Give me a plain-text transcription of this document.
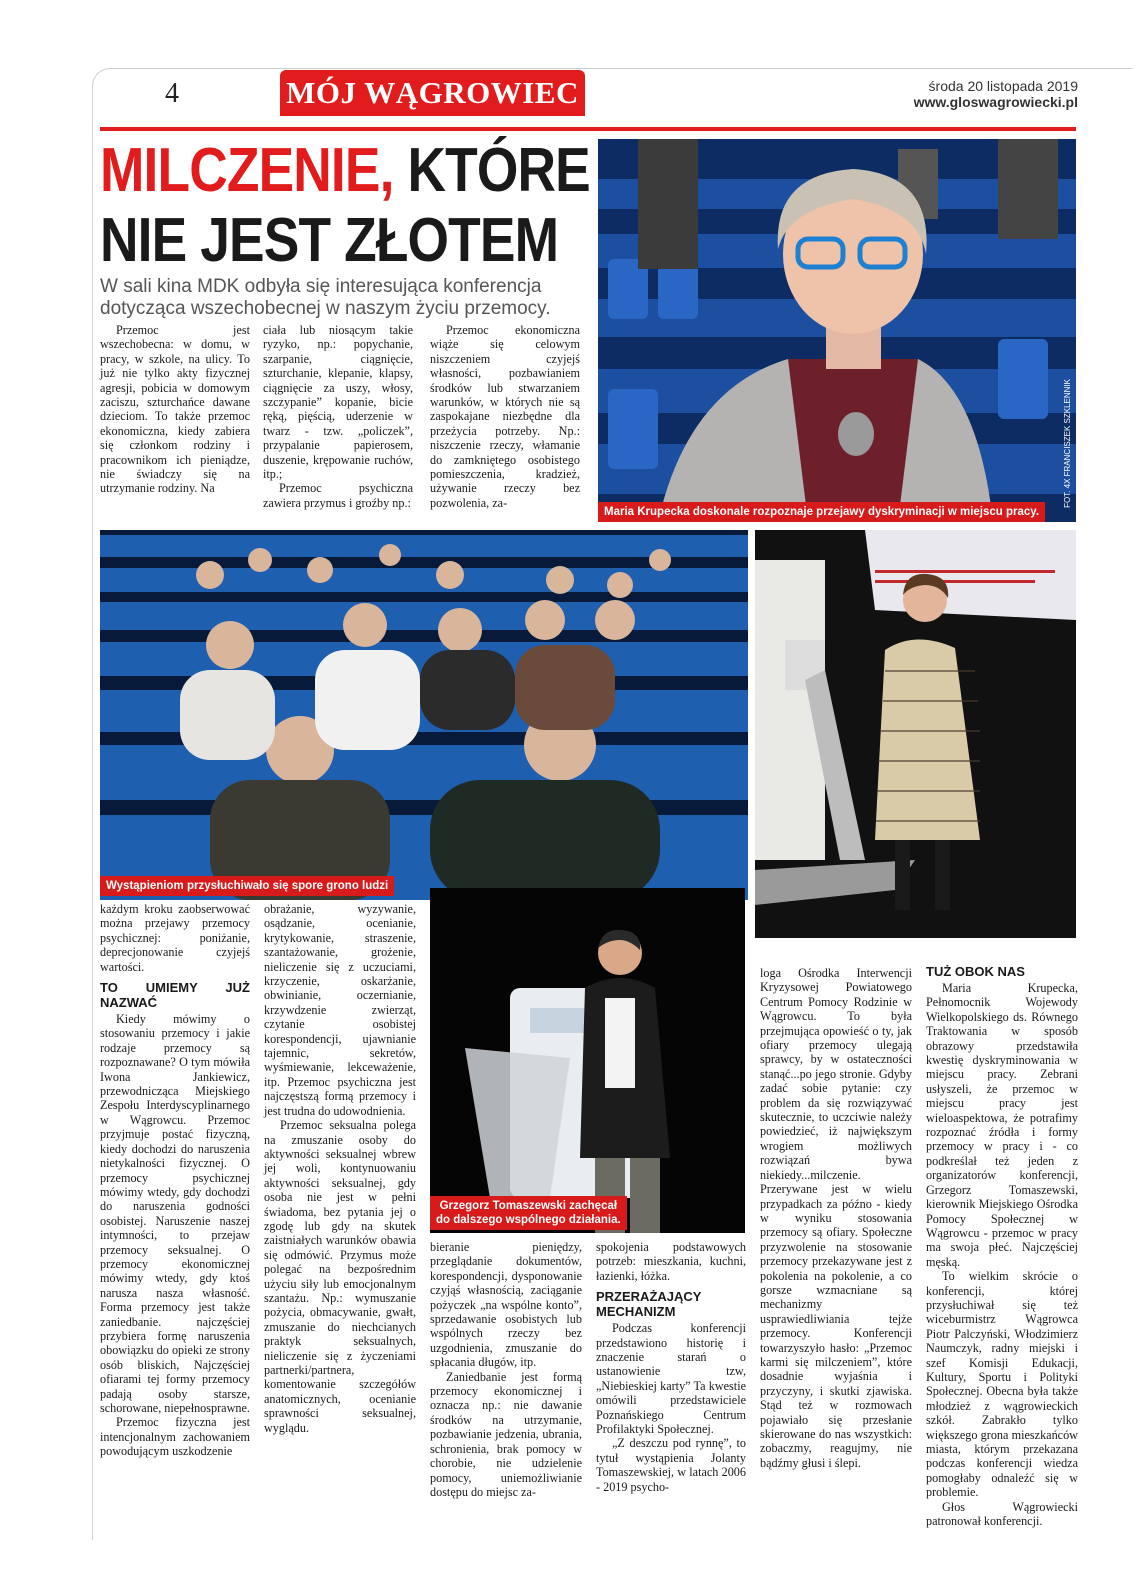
4	MÓJ WĄGROWIEC	środa 20 listopada 2019
www.gloswagrowiecki.pl
MILCZENIE, KTÓRE
NIE JEST ZŁOTEM
W sali kina MDK odbyła się interesująca konferencja dotycząca wszechobecnej w naszym życiu przemocy.

Przemoc jest wszechobecna: w domu, w pracy, w szkole, na ulicy. To już nie tylko akty fizycznej agresji, pobicia w domowym zaciszu, szturchańce dawane dzieciom. To także przemoc ekonomiczna, kiedy zabiera się członkom rodziny i pracownikom ich pieniądze, nie świadczy się na utrzymanie rodziny. Na

ciała lub niosącym takie ryzyko, np.: popychanie, szarpanie, ciągnięcie, szturchanie, klepanie, klapsy, ciągnięcie za uszy, włosy, szczypanie” kopanie, bicie ręką, pięścią, uderzenie w twarz - tzw. „policzek”, przypalanie papierosem, duszenie, krępowanie ruchów, itp.;

Przemoc psychiczna zawiera przymus i groźby np.:

Przemoc ekonomiczna wiąże się celowym niszczeniem czyjejś własności, pozbawianiem środków lub stwarzaniem warunków, w których nie są zaspokajane niezbędne dla przeżycia potrzeby. Np.: niszczenie rzeczy, włamanie do zamkniętego osobistego pomieszczenia, kradzież, używanie rzeczy bez pozwolenia, za-	FOT. 4X FRANCISZEK SZKLENNIK
Maria Krupecka doskonale rozpoznaje przejawy dyskryminacji w miejscu pracy.
Wystąpieniom przysłuchiwało się spore grono ludzi
Grzegorz Tomaszewski zachęcał
do dalszego wspólnego działania.

każdym kroku zaobserwować można przejawy przemocy psychicznej: poniżanie, deprecjonowanie czyjejś wartości.

TO UMIEMY JUŻ NAZWAĆ

Kiedy mówimy o stosowaniu przemocy i jakie rodzaje przemocy są rozpoznawane? O tym mówiła Iwona Jankiewicz, przewodnicząca Miejskiego Zespołu Interdyscyplinarnego w Wągrowcu. Przemoc przyjmuje postać fizyczną, kiedy dochodzi do naruszenia nietykalności fizycznej. O przemocy psychicznej mówimy wtedy, gdy dochodzi do naruszenia godności osobistej. Naruszenie naszej intymności, to przejaw przemocy seksualnej. O przemocy ekonomicznej mówimy wtedy, gdy ktoś narusza nasza własność. Forma przemocy jest także zaniedbanie. najczęściej przybiera formę naruszenia obowiązku do opieki ze strony osób bliskich, Najczęściej ofiarami tej formy przemocy padają osoby starsze, schorowane, niepełnosprawne.

Przemoc fizyczna jest intencjonalnym zachowaniem powodującym uszkodzenie

obrażanie, wyzywanie, osądzanie, ocenianie, krytykowanie, straszenie, szantażowanie, grożenie, nieliczenie się z uczuciami, krzyczenie, oskarżanie, obwinianie, oczernianie, krzywdzenie zwierząt, czytanie osobistej korespondencji, ujawnianie tajemnic, sekretów, wyśmiewanie, lekceważenie, itp. Przemoc psychiczna jest najczęstszą formą przemocy i jest trudna do udowodnienia.

Przemoc seksualna polega na zmuszanie osoby do aktywności seksualnej wbrew jej woli, kontynuowaniu aktywności seksualnej, gdy osoba nie jest w pełni świadoma, bez pytania jej o zgodę lub gdy na skutek zaistniałych warunków obawia się odmówić. Przymus może polegać na bezpośrednim użyciu siły lub emocjonalnym szantażu. Np.: wymuszanie pożycia, obmacywanie, gwałt, zmuszanie do niechcianych praktyk seksualnych, nieliczenie się z życzeniami partnerki/partnera, komentowanie szczegółów anatomicznych, ocenianie sprawności seksualnej, wyglądu.

bieranie pieniędzy, przeglądanie dokumentów, korespondencji, dysponowanie czyjąś własnością, zaciąganie pożyczek „na wspólne konto”, sprzedawanie osobistych lub wspólnych rzeczy bez uzgodnienia, zmuszanie do spłacania długów, itp.

Zaniedbanie jest formą przemocy ekonomicznej i oznacza np.: nie dawanie środków na utrzymanie, pozbawianie jedzenia, ubrania, schronienia, brak pomocy w chorobie, nie udzielenie pomocy, uniemożliwianie dostępu do miejsc za-

spokojenia podstawowych potrzeb: mieszkania, kuchni, łazienki, łóżka.

PRZERAŻAJĄCY MECHANIZM

Podczas konferencji przedstawiono historię i znaczenie starań o ustanowienie tzw, „Niebieskiej karty” Ta kwestie omówili przedstawiciele Poznańskiego Centrum Profilaktyki Społecznej.

„Z deszczu pod rynnę”, to tytuł wystąpienia Jolanty Tomaszewskiej, w latach 2006 - 2019 psycho-

loga Ośrodka Interwencji Kryzysowej Powiatowego Centrum Pomocy Rodzinie w Wągrowcu. To była przejmująca opowieść o ty, jak ofiary przemocy ulegają sprawcy, by w ostateczności stanąć...po jego stronie. Gdyby zadać sobie pytanie: czy problem da się rozwiązywać skutecznie, to uczciwie należy powiedzieć, iż największym wrogiem możliwych rozwiązań bywa niekiedy...milczenie. Przerywane jest w wielu przypadkach za późno - kiedy w wyniku stosowania przemocy są ofiary. Społeczne przyzwolenie na stosowanie przemocy przekazywane jest z pokolenia na pokolenie, a co gorsze wzmacniane są mechanizmy usprawiedliwiania tejże przemocy. Konferencji towarzyszyło hasło: „Przemoc karmi się milczeniem”, które dosadnie wyjaśnia i przyczyny, i skutki zjawiska. Stąd też w rozmowach pojawiało się przesłanie skierowane do nas wszystkich: zobaczmy, reagujmy, nie bądźmy głusi i ślepi.

TUŻ OBOK NAS

Maria Krupecka, Pełnomocnik Wojewody Wielkopolskiego ds. Równego Traktowania w sposób obrazowy przedstawiła kwestię dyskryminowania w miejscu pracy. Zebrani usłyszeli, że przemoc w miejscu pracy jest wieloaspektowa, że potrafimy rozpoznać źródła i formy przemocy w pracy i - co podkreślał też jeden z organizatorów konferencji, Grzegorz Tomaszewski, kierownik Miejskiego Ośrodka Pomocy Społecznej w Wągrowcu - przemoc w pracy ma swoja płeć. Najczęściej męską.

To wielkim skrócie o konferencji, której przysłuchiwał się też wiceburmistrz Wągrowca Piotr Palczyński, Włodzimierz Naumczyk, radny miejski i szef Komisji Edukacji, Kultury, Sportu i Polityki Społecznej. Obecna była także młodzież z wągrowieckich szkół. Zabrakło tylko większego grona mieszkańców miasta, którym przekazana podczas konferencji wiedza pomogłaby odnaleźć się w problemie.

Głos Wągrowiecki patronował konferencji.
